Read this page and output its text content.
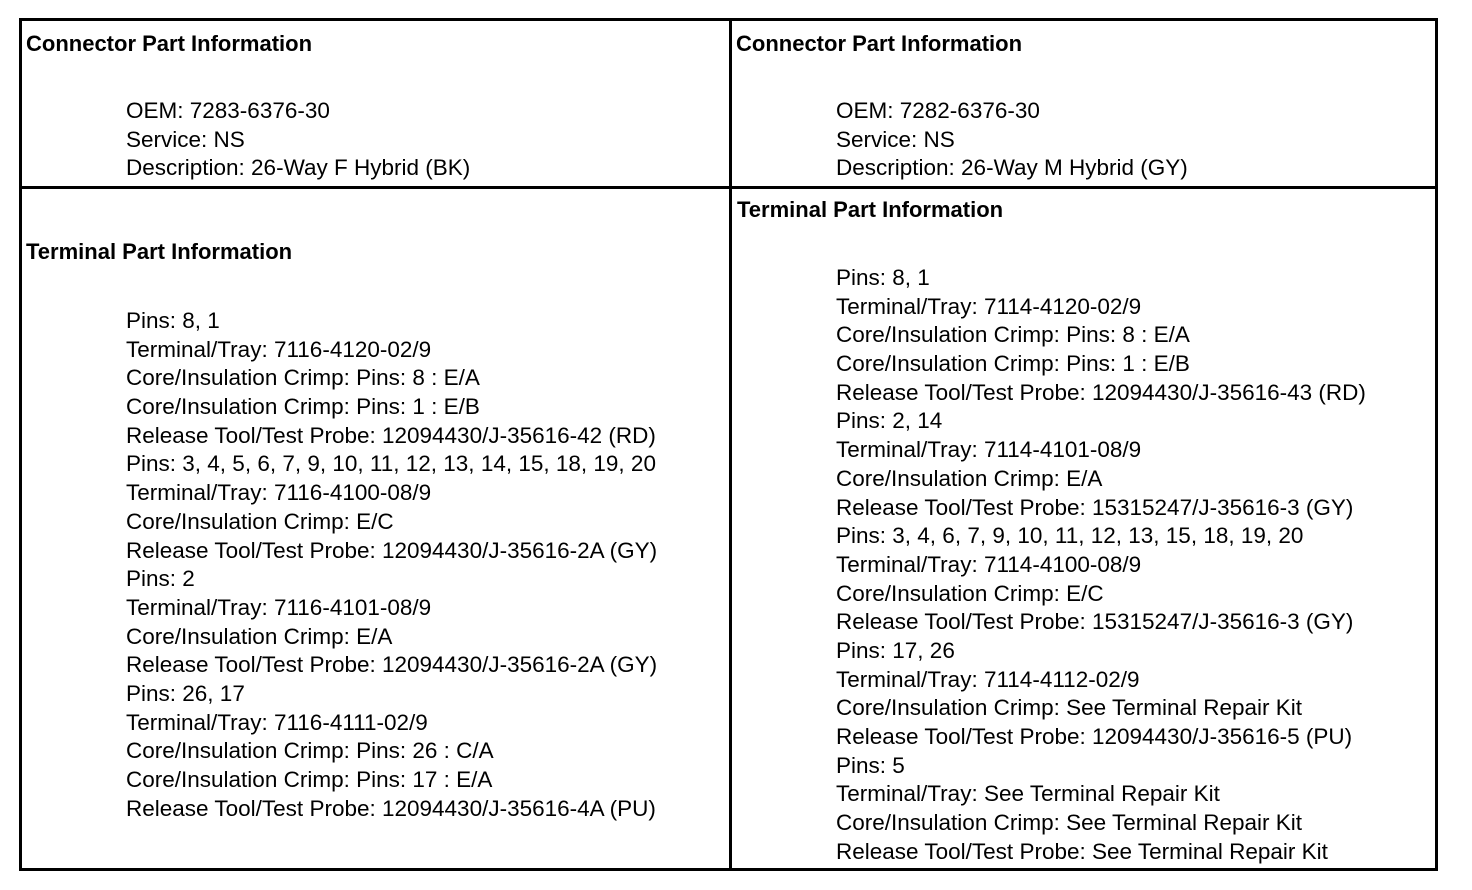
Connector Part Information
OEM: 7283-6376-30
Service: NS
Description: 26-Way F Hybrid (BK)
Connector Part Information
OEM: 7282-6376-30
Service: NS
Description: 26-Way M Hybrid (GY)
Terminal Part Information
Pins: 8, 1
Terminal/Tray: 7116-4120-02/9
Core/Insulation Crimp: Pins: 8 : E/A
Core/Insulation Crimp: Pins: 1 : E/B
Release Tool/Test Probe: 12094430/J-35616-42 (RD)
Pins: 3, 4, 5, 6, 7, 9, 10, 11, 12, 13, 14, 15, 18, 19, 20
Terminal/Tray: 7116-4100-08/9
Core/Insulation Crimp: E/C
Release Tool/Test Probe: 12094430/J-35616-2A (GY)
Pins: 2
Terminal/Tray: 7116-4101-08/9
Core/Insulation Crimp: E/A
Release Tool/Test Probe: 12094430/J-35616-2A (GY)
Pins: 26, 17
Terminal/Tray: 7116-4111-02/9
Core/Insulation Crimp: Pins: 26 : C/A
Core/Insulation Crimp: Pins: 17 : E/A
Release Tool/Test Probe: 12094430/J-35616-4A (PU)
Terminal Part Information
Pins: 8, 1
Terminal/Tray: 7114-4120-02/9
Core/Insulation Crimp: Pins: 8 : E/A
Core/Insulation Crimp: Pins: 1 : E/B
Release Tool/Test Probe: 12094430/J-35616-43 (RD)
Pins: 2, 14
Terminal/Tray: 7114-4101-08/9
Core/Insulation Crimp: E/A
Release Tool/Test Probe: 15315247/J-35616-3 (GY)
Pins: 3, 4, 6, 7, 9, 10, 11, 12, 13, 15, 18, 19, 20
Terminal/Tray: 7114-4100-08/9
Core/Insulation Crimp: E/C
Release Tool/Test Probe: 15315247/J-35616-3 (GY)
Pins: 17, 26
Terminal/Tray: 7114-4112-02/9
Core/Insulation Crimp: See Terminal Repair Kit
Release Tool/Test Probe: 12094430/J-35616-5 (PU)
Pins: 5
Terminal/Tray: See Terminal Repair Kit
Core/Insulation Crimp: See Terminal Repair Kit
Release Tool/Test Probe: See Terminal Repair Kit
